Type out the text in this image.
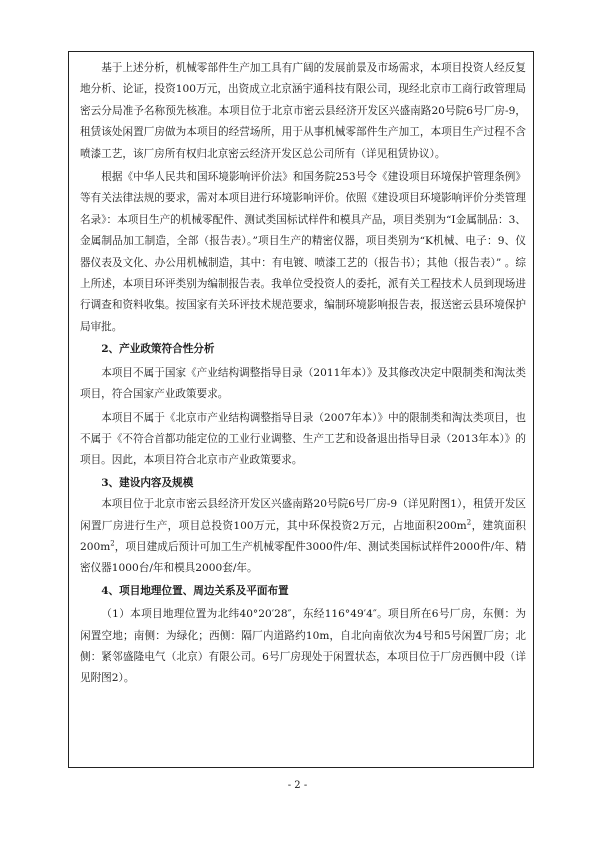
基于上述分析，机械零部件生产加工具有广阔的发展前景及市场需求，本项目投资人经反复地分析、论证，投资100万元，出资成立北京涵宇通科技有限公司，现经北京市工商行政管理局密云分局准予名称预先核准。本项目位于北京市密云县经济开发区兴盛南路20号院6号厂房-9，租赁该处闲置厂房做为本项目的经营场所，用于从事机械零部件生产加工，本项目生产过程不含喷漆工艺，该厂房所有权归北京密云经济开发区总公司所有（详见租赁协议）。

根据《中华人民共和国环境影响评价法》和国务院253号令《建设项目环境保护管理条例》等有关法律法规的要求，需对本项目进行环境影响评价。依照《建设项目环境影响评价分类管理名录》：本项目生产的机械零配件、测试类国标试样件和模具产品，项目类别为“I金属制品：3、金属制品加工制造，全部（报告表）。”项目生产的精密仪器，项目类别为“K机械、电子：9、仪器仪表及文化、办公用机械制造，其中：有电镀、喷漆工艺的（报告书）；其他（报告表）” 。综上所述，本项目环评类别为编制报告表。我单位受投资人的委托，派有关工程技术人员到现场进行调查和资料收集。按国家有关环评技术规范要求，编制环境影响报告表，报送密云县环境保护局审批。

2、产业政策符合性分析

本项目不属于国家《产业结构调整指导目录（2011年本）》及其修改决定中限制类和淘汰类项目，符合国家产业政策要求。

本项目不属于《北京市产业结构调整指导目录（2007年本）》中的限制类和淘汰类项目，也不属于《不符合首都功能定位的工业行业调整、生产工艺和设备退出指导目录（2013年本）》的项目。因此，本项目符合北京市产业政策要求。

3、建设内容及规模

本项目位于北京市密云县经济开发区兴盛南路20号院6号厂房-9（详见附图1），租赁开发区闲置厂房进行生产，项目总投资100万元，其中环保投资2万元，占地面积$200m^2$，建筑面积$200m^2$，项目建成后预计可加工生产机械零配件3000件/年、测试类国标试样件2000件/年、精密仪器1000台/年和模具2000套/年。

4、项目地理位置、周边关系及平面布置

（1）本项目地理位置为北纬40°20′28″，东经116°49′4″。项目所在6号厂房，东侧：为闲置空地；南侧：为绿化；西侧：隔厂内道路约10m，自北向南依次为4号和5号闲置厂房；北侧：紧邻盛隆电气（北京）有限公司。6号厂房现处于闲置状态，本项目位于厂房西侧中段（详见附图2）。

- 2 -
